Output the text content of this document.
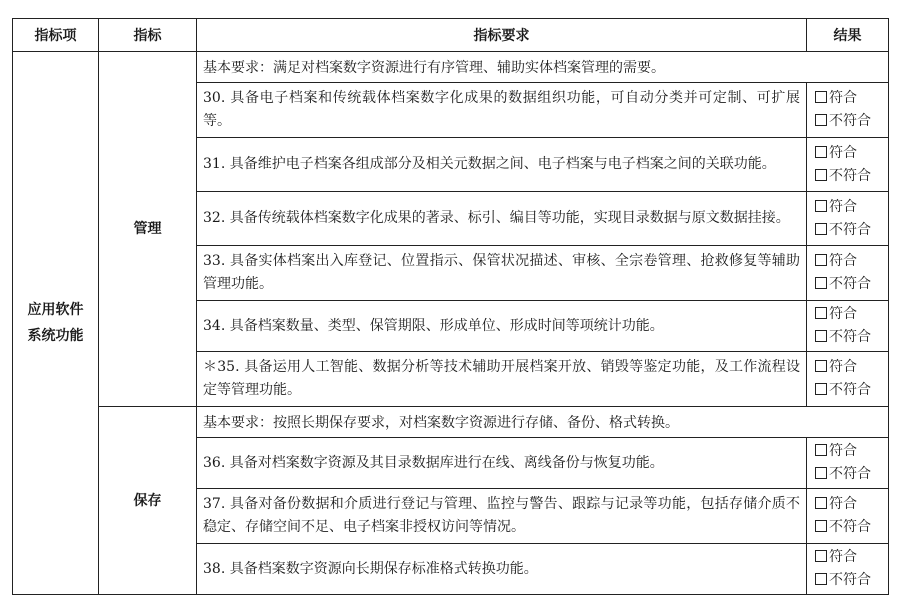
指标项	指标	指标要求	结果

应用软件
系统功能	管理	基本要求：满足对档案数字资源进行有序管理、辅助实体档案管理的需要。	
		30. 具备电子档案和传统载体档案数字化成果的数据组织功能，可自动分类并可定制、可扩展等。	符合
不符合

		31. 具备维护电子档案各组成部分及相关元数据之间、电子档案与电子档案之间的关联功能。	符合
不符合

		32. 具备传统载体档案数字化成果的著录、标引、编目等功能，实现目录数据与原文数据挂接。	符合
不符合

		33. 具备实体档案出入库登记、位置指示、保管状况描述、审核、全宗卷管理、抢救修复等辅助管理功能。	符合
不符合

		34. 具备档案数量、类型、保管期限、形成单位、形成时间等项统计功能。	符合
不符合

		＊35. 具备运用人工智能、数据分析等技术辅助开展档案开放、销毁等鉴定功能，及工作流程设定等管理功能。	符合
不符合

	保存	基本要求：按照长期保存要求，对档案数字资源进行存储、备份、格式转换。	
		36. 具备对档案数字资源及其目录数据库进行在线、离线备份与恢复功能。	符合
不符合

		37. 具备对备份数据和介质进行登记与管理、监控与警告、跟踪与记录等功能，包括存储介质不稳定、存储空间不足、电子档案非授权访问等情况。	符合
不符合

		38. 具备档案数字资源向长期保存标准格式转换功能。	符合
不符合
